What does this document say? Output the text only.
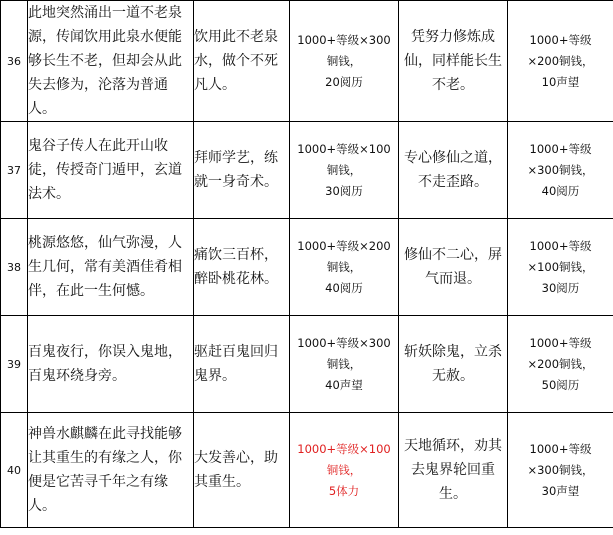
36	此地突然涌出一道不老泉源，传闻饮用此泉水便能够长生不老，但却会从此失去修为，沦落为普通人。	饮用此不老泉水，做个不死凡人。	1000+等级×300
铜钱，
20阅历	凭努力修炼成仙，同样能长生不老。	1000+等级
×200铜钱，
10声望

37	鬼谷子传人在此开山收徒，传授奇门遁甲，玄道法术。	拜师学艺，练就一身奇术。	1000+等级×100
铜钱，
30阅历	专心修仙之道，不走歪路。	1000+等级
×300铜钱，
40阅历

38	桃源悠悠，仙气弥漫，人生几何，常有美酒佳肴相伴，在此一生何憾。	痛饮三百杯，醉卧桃花林。	1000+等级×200
铜钱，
40阅历	修仙不二心，屏气而退。	1000+等级
×100铜钱，
30阅历

39	百鬼夜行，你误入鬼地，百鬼环绕身旁。	驱赶百鬼回归鬼界。	1000+等级×300
铜钱，
40声望	斩妖除鬼，立杀无赦。	1000+等级
×200铜钱，
50阅历

40	神兽水麒麟在此寻找能够让其重生的有缘之人，你便是它苦寻千年之有缘人。	大发善心，助其重生。	1000+等级×100
铜钱，
5体力	天地循环，劝其去鬼界轮回重生。	1000+等级
×300铜钱，
30声望
